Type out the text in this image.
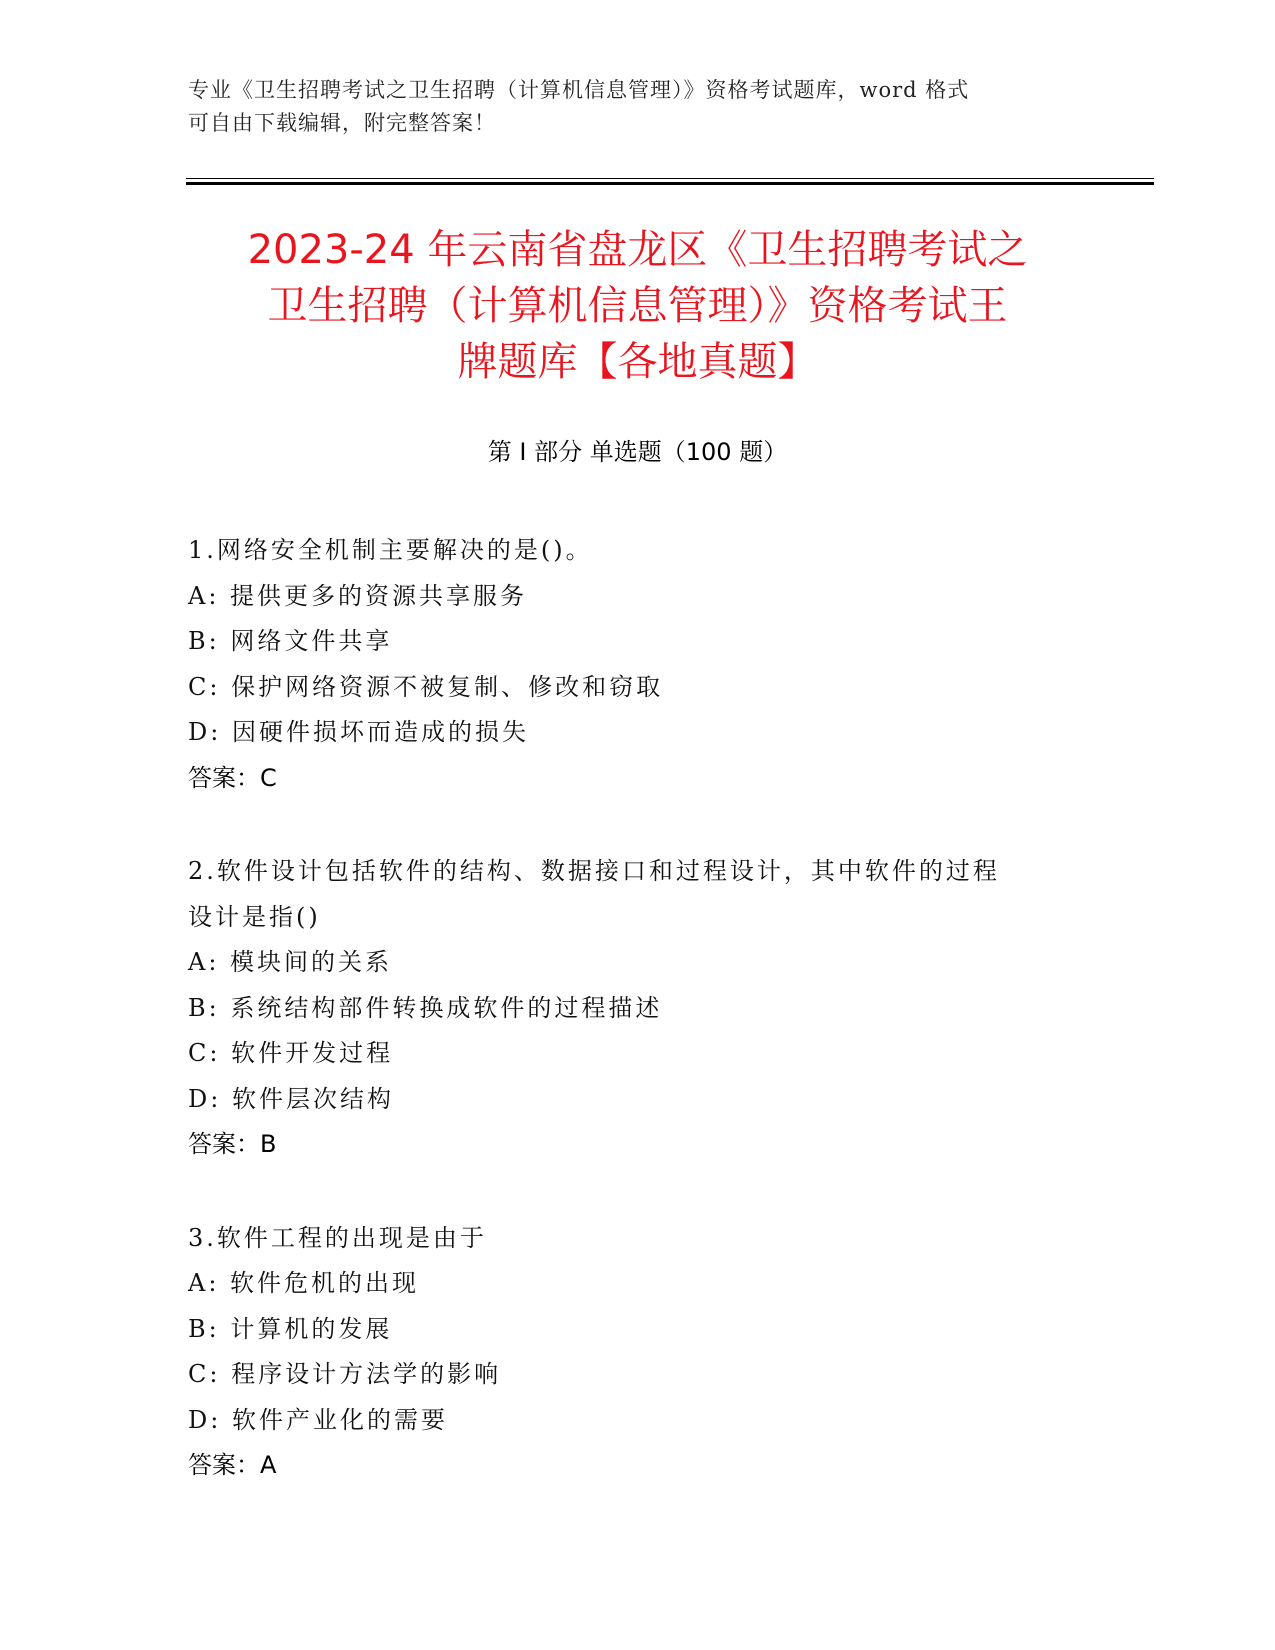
专业《卫生招聘考试之卫生招聘（计算机信息管理）》资格考试题库，word 格式
可自由下载编辑，附完整答案！
2023-24 年云南省盘龙区《卫生招聘考试之
卫生招聘（计算机信息管理）》资格考试王
牌题库【各地真题】
第 I 部分 单选题（100 题）
1.网络安全机制主要解决的是()。
A: 提供更多的资源共享服务
B: 网络文件共享
C: 保护网络资源不被复制、修改和窃取
D: 因硬件损坏而造成的损失
答案：C
2.软件设计包括软件的结构、数据接口和过程设计，其中软件的过程
设计是指()
A: 模块间的关系
B: 系统结构部件转换成软件的过程描述
C: 软件开发过程
D: 软件层次结构
答案：B
3.软件工程的出现是由于
A: 软件危机的出现
B: 计算机的发展
C: 程序设计方法学的影响
D: 软件产业化的需要
答案：A
